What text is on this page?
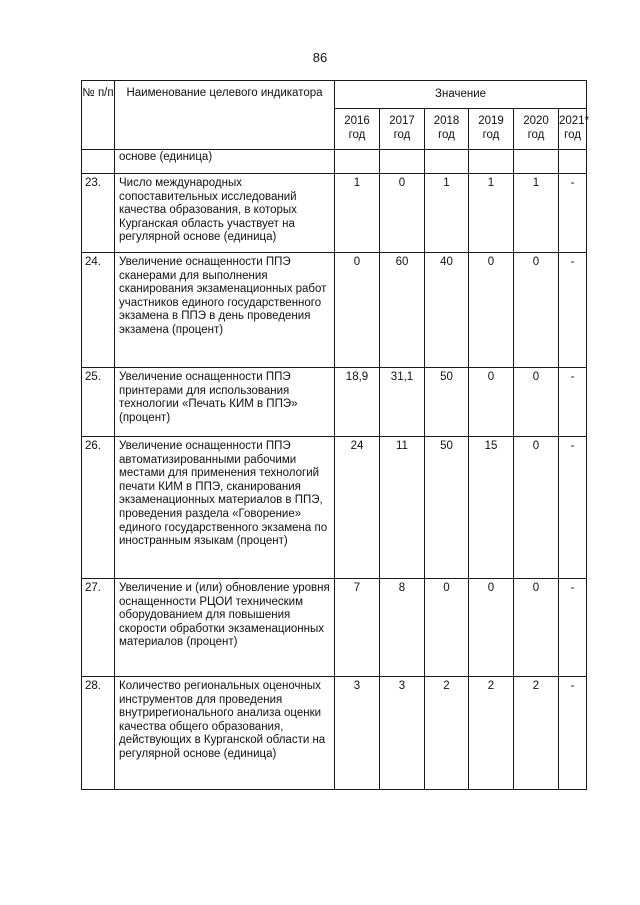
86
№ п/п	Наименование целевого индикатора	Значение					
		2016 год	2017 год	2018 год	2019 год	2020 год	2021* год
	основе (единица)						
23.	Число международных сопоставительных исследований качества образования, в которых Курганская область участвует на регулярной основе (единица)	1	0	1	1	1	-
24.	Увеличение оснащенности ППЭ сканерами для выполнения сканирования экзаменационных работ участников единого государственного экзамена в ППЭ в день проведения экзамена (процент)	0	60	40	0	0	-
25.	Увеличение оснащенности ППЭ принтерами для использования технологии «Печать КИМ в ППЭ» (процент)	18,9	31,1	50	0	0	-
26.	Увеличение оснащенности ППЭ автоматизированными рабочими местами для применения технологий печати КИМ в ППЭ, сканирования экзаменационных материалов в ППЭ, проведения раздела «Говорение» единого государственного экзамена по иностранным языкам (процент)	24	11	50	15	0	-
27.	Увеличение и (или) обновление уровня оснащенности РЦОИ техническим оборудованием для повышения скорости обработки экзаменационных материалов (процент)	7	8	0	0	0	-
28.	Количество региональных оценочных инструментов для проведения внутрирегионального анализа оценки качества общего образования, действующих в Курганской области на регулярной основе (единица)	3	3	2	2	2	-
